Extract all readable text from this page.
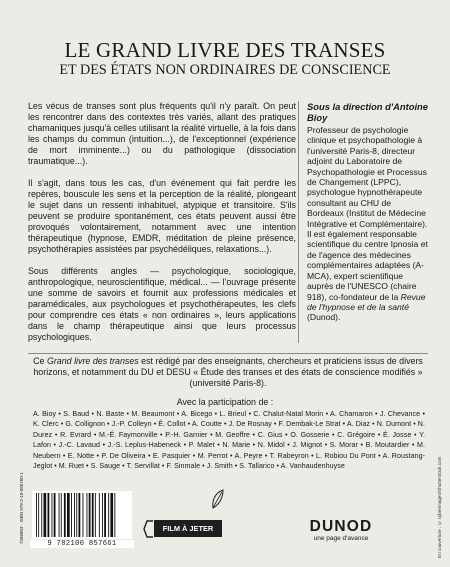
LE GRAND LIVRE DES TRANSES
ET DES ÉTATS NON ORDINAIRES DE CONSCIENCE

Les vécus de transes sont plus fréquents qu'il n'y paraît. On peut les rencontrer dans des contextes très variés, allant des pratiques chamaniques jusqu'à celles utilisant la réalité virtuelle, à la fois dans les champs du commun (intuition...), de l'exceptionnel (expérience de mort imminente...) ou du pathologique (dissociation traumatique...).

Il s'agit, dans tous les cas, d'un événement qui fait perdre les repères, bouscule les sens et la perception de la réalité, plongeant le sujet dans un ressenti inhabituel, atypique et transitoire. S'ils peuvent se produire spontanément, ces états peuvent aussi être provoqués volontairement, notamment avec une intention thérapeutique (hypnose, EMDR, méditation de pleine présence, psychothérapies assistées par psychédéliques, relaxations...).

Sous différents angles — psychologique, sociologique, anthropologique, neuroscientifique, médical... — l'ouvrage présente une somme de savoirs et fournit aux professions médicales et paramédicales, aux psychologues et psychothérapeutes, les clefs pour comprendre ces états « non ordinaires », leurs applications dans le champ thérapeutique ainsi que leurs processus psychologiques.

Sous la direction d'Antoine Bioy
Professeur de psychologie clinique et psychopathologie à l'université Paris-8, directeur adjoint du Laboratoire de Psychopathologie et Processus de Changement (LPPC), psychologue hypnothérapeute consultant au CHU de Bordeaux (Institut de Médecine Intégrative et Complémentaire). Il est également responsable scientifique du centre Ipnosia et de l'agence des médecines complémentaires adaptées (A-MCA), expert scientifique auprès de l'UNESCO (chaire 918), co-fondateur de la Revue de l'hypnose et de la santé (Dunod).
Ce Grand livre des transes est rédigé par des enseignants, chercheurs et praticiens issus de divers horizons, et notamment du DU et DESU « Étude des transes et des états de conscience modifiés » (université Paris-8).
Avec la participation de :
A. Bioy • S. Baud • N. Baste • M. Beaumont • A. Bicego • L. Brieul • C. Chalut-Natal Morin • A. Chamaron • J. Chevance • K. Clerc • G. Collignon • J.-P. Colleyn • É. Collot • A. Coutte • J. De Rosnay • F. Dembak-Le Strat • A. Diaz • N. Dumont • N. Durez • R. Evrard • M.-É. Faymonville • P.-H. Garnier • M. Geoffre • C. Gius • O. Gosserie • C. Grégoire • É. Josse • Y. Lafon • J.-C. Lavaud • J.-S. Leplus-Habeneck • P. Malet • N. Marie • N. Midol • J. Mignot • S. Morar • B. Moutardier • M. Neubern • E. Notte • P. De Oliveira • E. Pasquier • M. Perrot • A. Peyre • T. Rabeyron • L. Robiou Du Pont • A. Roustang-Jeglot • M. Ruet • S. Sauge • T. Servillat • F. Sinmale • J. Smith • S. Tallarico • A. Vanhaudenhuyse
7286803 · ISBN 978-2-10-085760-1	9 782100 857661
FILM À JETER	DUNOD
une page d'avance	En couverture : © cyberimages/Shutterstock.com
